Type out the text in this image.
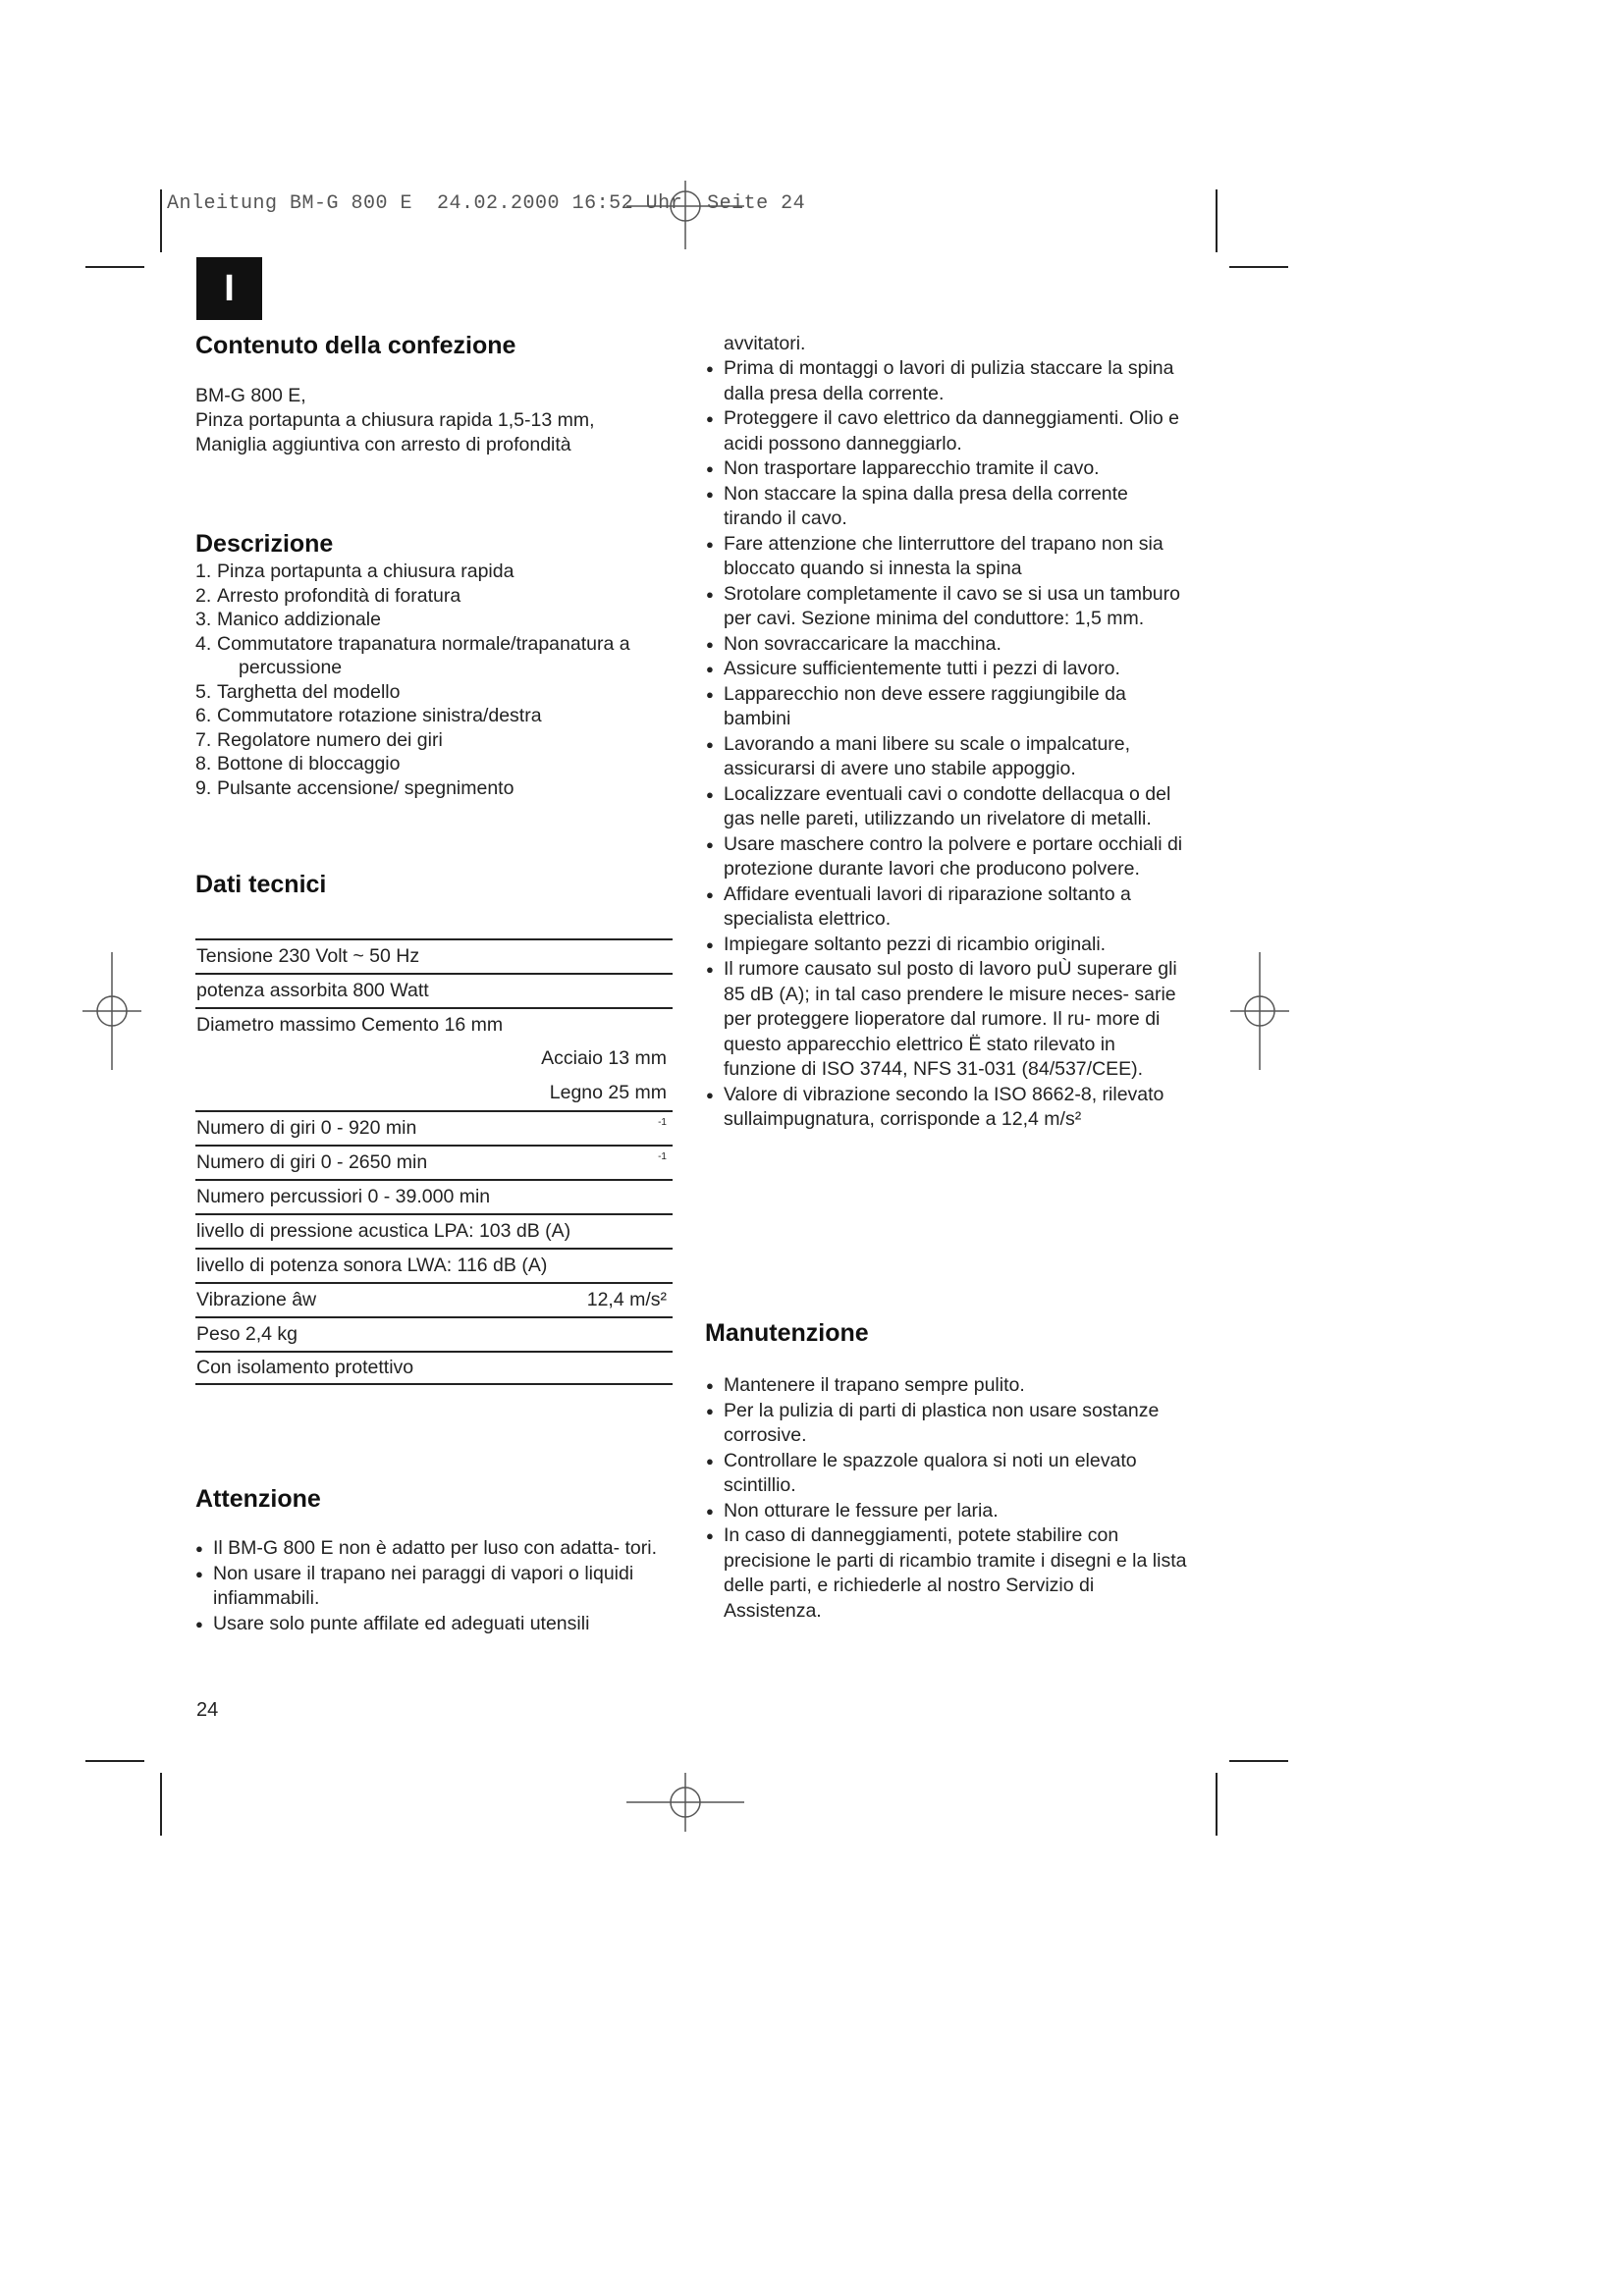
Anleitung BM-G 800 E  24.02.2000 16:52 Uhr  Seite 24
I
Contenuto della confezione
BM-G 800 E,
Pinza portapunta a chiusura rapida 1,5-13 mm,
Maniglia aggiuntiva con arresto di profondità
Descrizione
1. Pinza portapunta a chiusura rapida
2. Arresto profondità di foratura
3. Manico addizionale
4. Commutatore trapanatura normale/trapanatura a percussione
5. Targhetta del modello
6. Commutatore rotazione sinistra/destra
7. Regolatore numero dei giri
8. Bottone di bloccaggio
9. Pulsante accensione/ spegnimento
Dati tecnici
Tensione 230 Volt ~ 50 Hz
potenza assorbita 800 Watt
Diametro massimo Cemento 16 mm
Acciaio 13 mm
Legno 25 mm
Numero di giri 0 - 920 min	-1
Numero di giri 0 - 2650 min	-1
Numero percussiori 0 - 39.000 min
livello di pressione acustica LPA: 103 dB (A)
livello di potenza sonora LWA: 116 dB (A)
Vibrazione âw	12,4 m/s²
Peso 2,4 kg
Con isolamento protettivo
Attenzione
● Il BM-G 800 E non è adatto per luso con adatta- tori.
● Non usare il trapano nei paraggi di vapori o liquidi infiammabili.
● Usare solo punte affilate ed adeguati utensili
24
avvitatori.
● Prima di montaggi o lavori di pulizia staccare la spina dalla presa della corrente.
● Proteggere il cavo elettrico da danneggiamenti. Olio e acidi possono danneggiarlo.
● Non trasportare lapparecchio tramite il cavo.
● Non staccare la spina dalla presa della corrente tirando il cavo.
● Fare attenzione che linterruttore del trapano non sia bloccato quando si innesta la spina
● Srotolare completamente il cavo se si usa un tamburo per cavi. Sezione minima del conduttore: 1,5 mm.
● Non sovraccaricare la macchina.
● Assicure sufficientemente tutti i pezzi di lavoro.
● Lapparecchio non deve essere raggiungibile da bambini
● Lavorando a mani libere su scale o impalcature, assicurarsi di avere uno stabile appoggio.
● Localizzare eventuali cavi o condotte dellacqua o del gas nelle pareti, utilizzando un rivelatore di metalli.
● Usare maschere contro la polvere e portare occhiali di protezione durante lavori che producono polvere.
● Affidare eventuali lavori di riparazione soltanto a specialista elettrico.
● Impiegare soltanto pezzi di ricambio originali.
● Il rumore causato sul posto di lavoro puÙ superare gli 85 dB (A); in tal caso prendere le misure neces- sarie per proteggere lioperatore dal rumore. Il ru- more di questo apparecchio elettrico Ë stato rilevato in funzione di ISO 3744, NFS 31-031 (84/537/CEE).
● Valore di vibrazione secondo la ISO 8662-8, rilevato sullaimpugnatura, corrisponde a 12,4 m/s²
Manutenzione
● Mantenere il trapano sempre pulito.
● Per la pulizia di parti di plastica non usare sostanze corrosive.
● Controllare le spazzole qualora si noti un elevato scintillio.
● Non otturare le fessure per laria.
● In caso di danneggiamenti, potete stabilire con precisione le parti di ricambio tramite i disegni e la lista delle parti, e richiederle al nostro Servizio di Assistenza.
